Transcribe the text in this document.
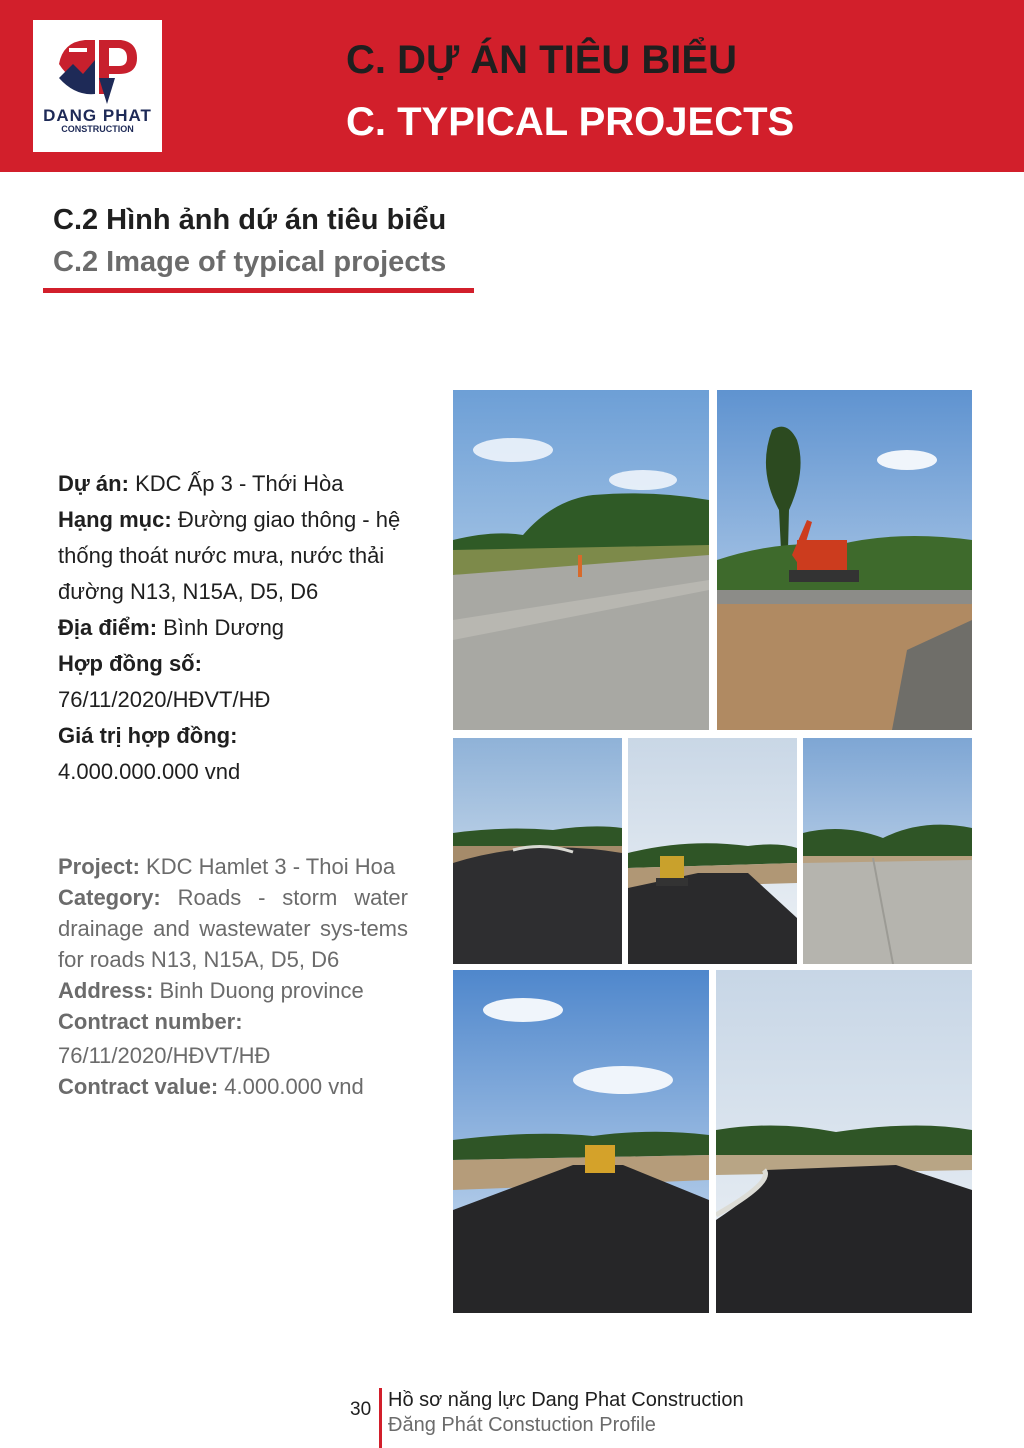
DANG PHAT
CONSTRUCTION
C. DỰ ÁN TIÊU BIỂU
C. TYPICAL PROJECTS
C.2 Hình ảnh dứ án tiêu biểu
C.2 Image of typical projects
Dự án: KDC Ấp 3 - Thới Hòa
Hạng mục: Đường giao thông - hệ thống thoát nước mưa, nước thải đường N13, N15A, D5, D6
Địa điểm: Bình Dương
Hợp đồng số:
76/11/2020/HĐVT/HĐ
Giá trị hợp đồng:
4.000.000.000 vnd
Project: KDC Hamlet 3 - Thoi Hoa
Category: Roads - storm water drainage and wastewater sys-tems for roads N13, N15A, D5, D6
Address: Binh Duong province
Contract number:
76/11/2020/HĐVT/HĐ
Contract value: 4.000.000 vnd
30 Hồ sơ năng lực Dang Phat Construction
Đăng Phát Constuction Profile
